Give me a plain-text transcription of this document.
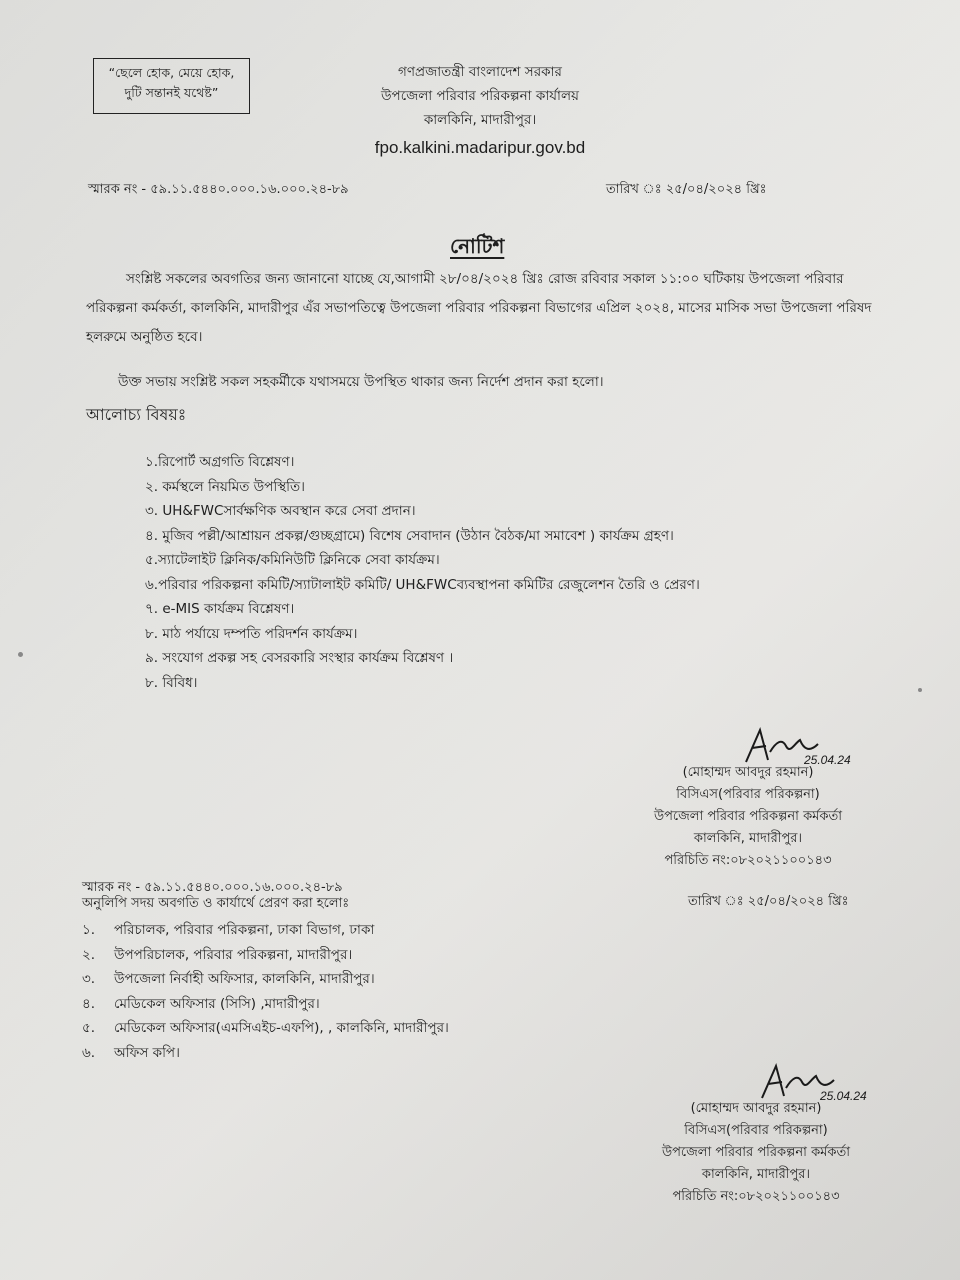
“ছেলে হোক, মেয়ে হোক,
দুটি সন্তানই যথেষ্ট”
গণপ্রজাতন্ত্রী বাংলাদেশ সরকার
উপজেলা পরিবার পরিকল্পনা কার্যালয়
কালকিনি, মাদারীপুর।
fpo.kalkini.madaripur.gov.bd
স্মারক নং - ৫৯.১১.৫৪৪০.০০০.১৬.০০০.২৪-৮৯	তারিখ ঃ ২৫/০৪/২০২৪ খ্রিঃ
নোটিশ
সংশ্লিষ্ট সকলের অবগতির জন্য জানানো যাচ্ছে যে,আগামী ২৮/০৪/২০২৪ খ্রিঃ রোজ রবিবার সকাল ১১:০০ ঘটিকায় উপজেলা পরিবার পরিকল্পনা কর্মকর্তা, কালকিনি, মাদারীপুর এঁর সভাপতিত্বে উপজেলা পরিবার পরিকল্পনা বিভাগের এপ্রিল ২০২৪, মাসের মাসিক সভা উপজেলা পরিষদ হলরুমে অনুষ্ঠিত হবে।
উক্ত সভায় সংশ্লিষ্ট সকল সহকর্মীকে যথাসময়ে উপস্থিত থাকার জন্য নির্দেশ প্রদান করা হলো।
আলোচ্য বিষয়ঃ
১.রিপোর্ট অগ্রগতি বিশ্লেষণ।
২. কর্মস্থলে নিয়মিত উপস্থিতি।
৩. UH&FWCসার্বক্ষণিক অবস্থান করে সেবা প্রদান।
৪. মুজিব পল্লী/আশ্রায়ন প্রকল্প/গুচ্ছগ্রামে) বিশেষ সেবাদান (উঠান বৈঠক/মা সমাবেশ ) কার্যক্রম গ্রহণ।
৫.স্যাটেলাইট ক্লিনিক/কমিনিউটি ক্লিনিকে সেবা কার্যক্রম।
৬.পরিবার পরিকল্পনা কমিটি/স্যাটালাইট কমিটি/ UH&FWCব্যবস্থাপনা কমিটির রেজুলেশন তৈরি ও প্রেরণ।
৭. e-MIS কার্যক্রম বিশ্লেষণ।
৮. মাঠ পর্যায়ে দম্পতি পরিদর্শন কার্যক্রম।
৯. সংযোগ প্রকল্প সহ বেসরকারি সংস্থার কার্যক্রম বিশ্লেষণ ।
৮. বিবিধ।
25.04.24
(মোহাম্মদ আবদুর রহমান)
বিসিএস(পরিবার পরিকল্পনা)
উপজেলা পরিবার পরিকল্পনা কর্মকর্তা
কালকিনি, মাদারীপুর।
পরিচিতি নং:০৮২০২১১০০১৪৩
স্মারক নং - ৫৯.১১.৫৪৪০.০০০.১৬.০০০.২৪-৮৯
তারিখ ঃ ২৫/০৪/২০২৪ খ্রিঃ
অনুলিপি সদয় অবগতি ও কার্যার্থে প্রেরণ করা হলোঃ
১. পরিচালক, পরিবার পরিকল্পনা, ঢাকা বিভাগ, ঢাকা
২. উপপরিচালক, পরিবার পরিকল্পনা, মাদারীপুর।
৩. উপজেলা নির্বাহী অফিসার, কালকিনি, মাদারীপুর।
৪. মেডিকেল অফিসার (সিসি) ,মাদারীপুর।
৫. মেডিকেল অফিসার(এমসিএইচ-এফপি), , কালকিনি, মাদারীপুর।
৬. অফিস কপি।
25.04.24
(মোহাম্মদ আবদুর রহমান)
বিসিএস(পরিবার পরিকল্পনা)
উপজেলা পরিবার পরিকল্পনা কর্মকর্তা
কালকিনি, মাদারীপুর।
পরিচিতি নং:০৮২০২১১০০১৪৩
